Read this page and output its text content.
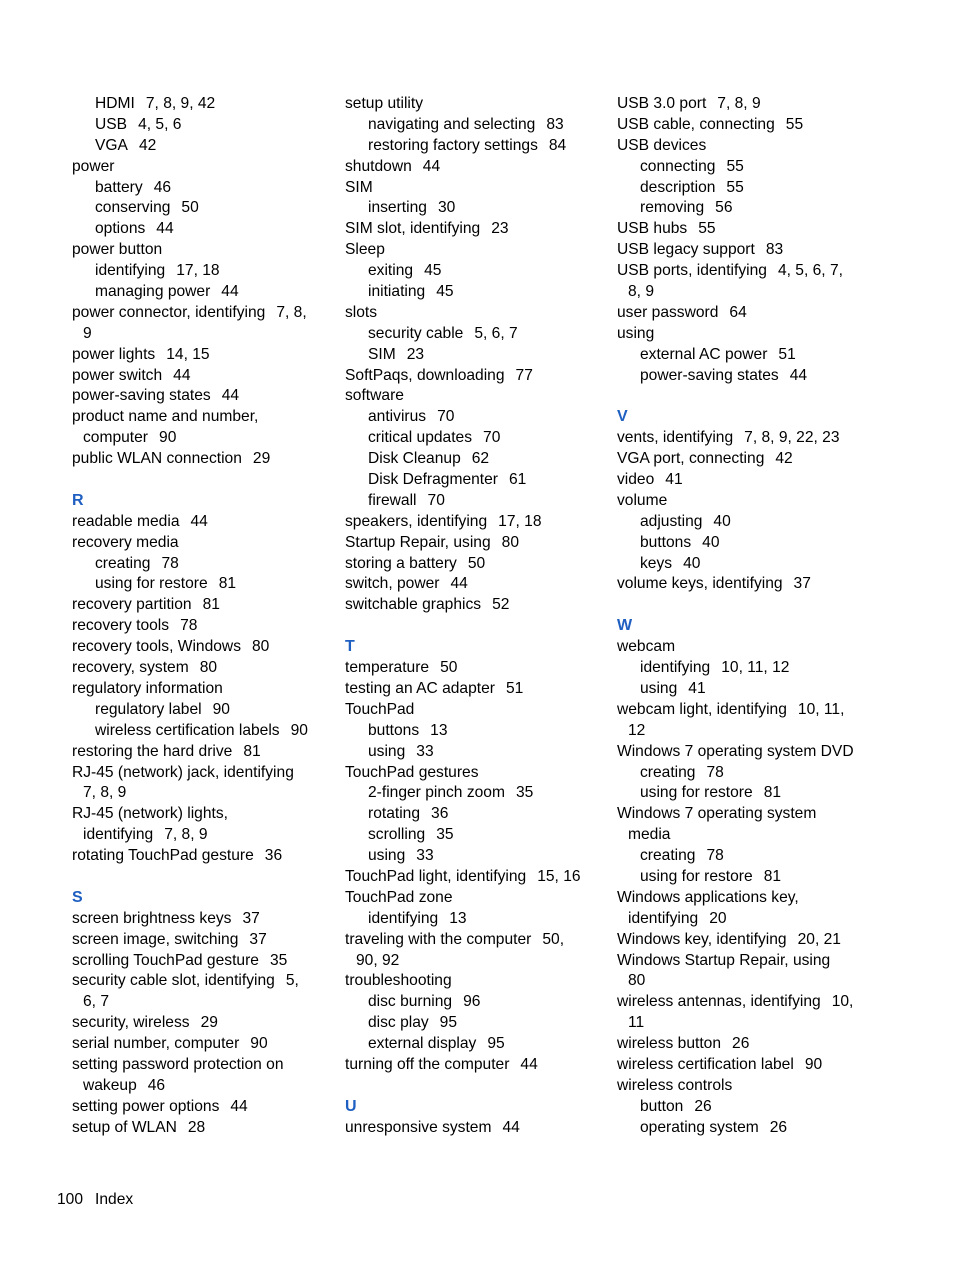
HDMI 7, 8, 9, 42
USB 4, 5, 6
VGA 42
power
battery 46
conserving 50
options 44
power button
identifying 17, 18
managing power 44
power connector, identifying 7, 8,
9
power lights 14, 15
power switch 44
power-saving states 44
product name and number,
computer 90
public WLAN connection 29
R
readable media 44
recovery media
creating 78
using for restore 81
recovery partition 81
recovery tools 78
recovery tools, Windows 80
recovery, system 80
regulatory information
regulatory label 90
wireless certification labels 90
restoring the hard drive 81
RJ-45 (network) jack, identifying
7, 8, 9
RJ-45 (network) lights,
identifying 7, 8, 9
rotating TouchPad gesture 36
S
screen brightness keys 37
screen image, switching 37
scrolling TouchPad gesture 35
security cable slot, identifying 5,
6, 7
security, wireless 29
serial number, computer 90
setting password protection on
wakeup 46
setting power options 44
setup of WLAN 28
setup utility
navigating and selecting 83
restoring factory settings 84
shutdown 44
SIM
inserting 30
SIM slot, identifying 23
Sleep
exiting 45
initiating 45
slots
security cable 5, 6, 7
SIM 23
SoftPaqs, downloading 77
software
antivirus 70
critical updates 70
Disk Cleanup 62
Disk Defragmenter 61
firewall 70
speakers, identifying 17, 18
Startup Repair, using 80
storing a battery 50
switch, power 44
switchable graphics 52
T
temperature 50
testing an AC adapter 51
TouchPad
buttons 13
using 33
TouchPad gestures
2-finger pinch zoom 35
rotating 36
scrolling 35
using 33
TouchPad light, identifying 15, 16
TouchPad zone
identifying 13
traveling with the computer 50,
90, 92
troubleshooting
disc burning 96
disc play 95
external display 95
turning off the computer 44
U
unresponsive system 44
USB 3.0 port 7, 8, 9
USB cable, connecting 55
USB devices
connecting 55
description 55
removing 56
USB hubs 55
USB legacy support 83
USB ports, identifying 4, 5, 6, 7,
8, 9
user password 64
using
external AC power 51
power-saving states 44
V
vents, identifying 7, 8, 9, 22, 23
VGA port, connecting 42
video 41
volume
adjusting 40
buttons 40
keys 40
volume keys, identifying 37
W
webcam
identifying 10, 11, 12
using 41
webcam light, identifying 10, 11,
12
Windows 7 operating system DVD
creating 78
using for restore 81
Windows 7 operating system
media
creating 78
using for restore 81
Windows applications key,
identifying 20
Windows key, identifying 20, 21
Windows Startup Repair, using
80
wireless antennas, identifying 10,
11
wireless button 26
wireless certification label 90
wireless controls
button 26
operating system 26
100 Index
